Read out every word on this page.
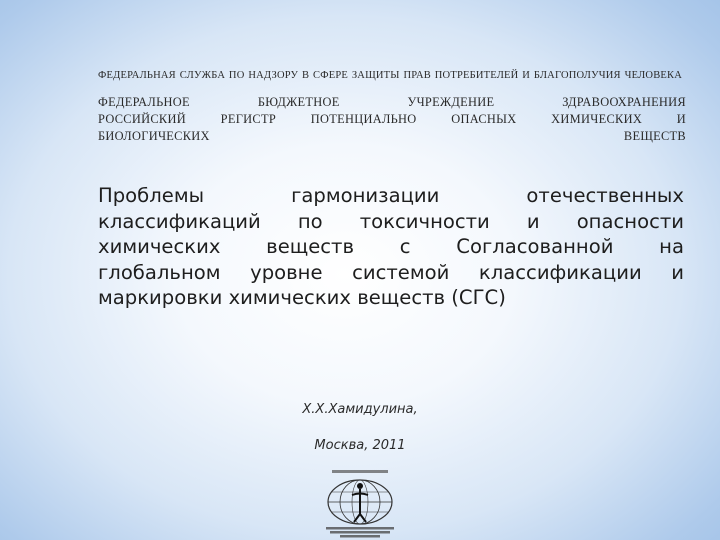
ФЕДЕРАЛЬНАЯ СЛУЖБА ПО НАДЗОРУ В СФЕРЕ ЗАЩИТЫ ПРАВ ПОТРЕБИТЕЛЕЙ И БЛАГОПОЛУЧИЯ ЧЕЛОВЕКА
ФЕДЕРАЛЬНОЕ БЮДЖЕТНОЕ УЧРЕЖДЕНИЕ ЗДРАВООХРАНЕНИЯ
РОССИЙСКИЙ РЕГИСТР ПОТЕНЦИАЛЬНО ОПАСНЫХ ХИМИЧЕСКИХ И
БИОЛОГИЧЕСКИХ	ВЕЩЕСТВ
Проблемы гармонизации отечественных
классификаций по токсичности и опасности
химических веществ с Согласованной на
глобальном уровне системой классификации и
маркировки химических веществ (СГС)
Х.Х.Хамидулина,
Москва, 2011
